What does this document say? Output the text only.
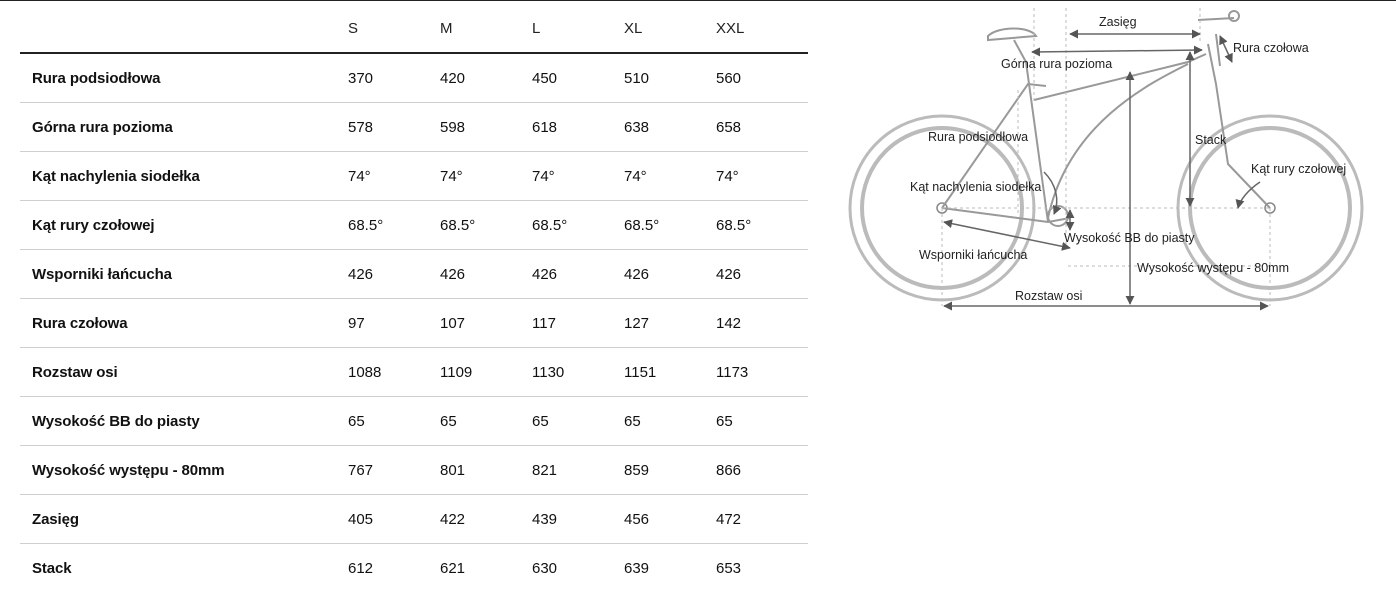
	S	M	L	XL	XXL
Rura podsiodłowa	370	420	450	510	560
Górna rura pozioma	578	598	618	638	658
Kąt nachylenia siodełka	74°	74°	74°	74°	74°
Kąt rury czołowej	68.5°	68.5°	68.5°	68.5°	68.5°
Wsporniki łańcucha	426	426	426	426	426
Rura czołowa	97	107	117	127	142
Rozstaw osi	1088	1109	1130	1151	1173
Wysokość BB do piasty	65	65	65	65	65
Wysokość występu - 80mm	767	801	821	859	866
Zasięg	405	422	439	456	472
Stack	612	621	630	639	653
Zasięg
Rura czołowa
Górna rura pozioma
Rura podsiodłowa	Stack
Kąt rury czołowej
Kąt nachylenia siodełka
Wysokość BB do piasty
Wsporniki łańcucha
Wysokość występu - 80mm
Rozstaw osi
